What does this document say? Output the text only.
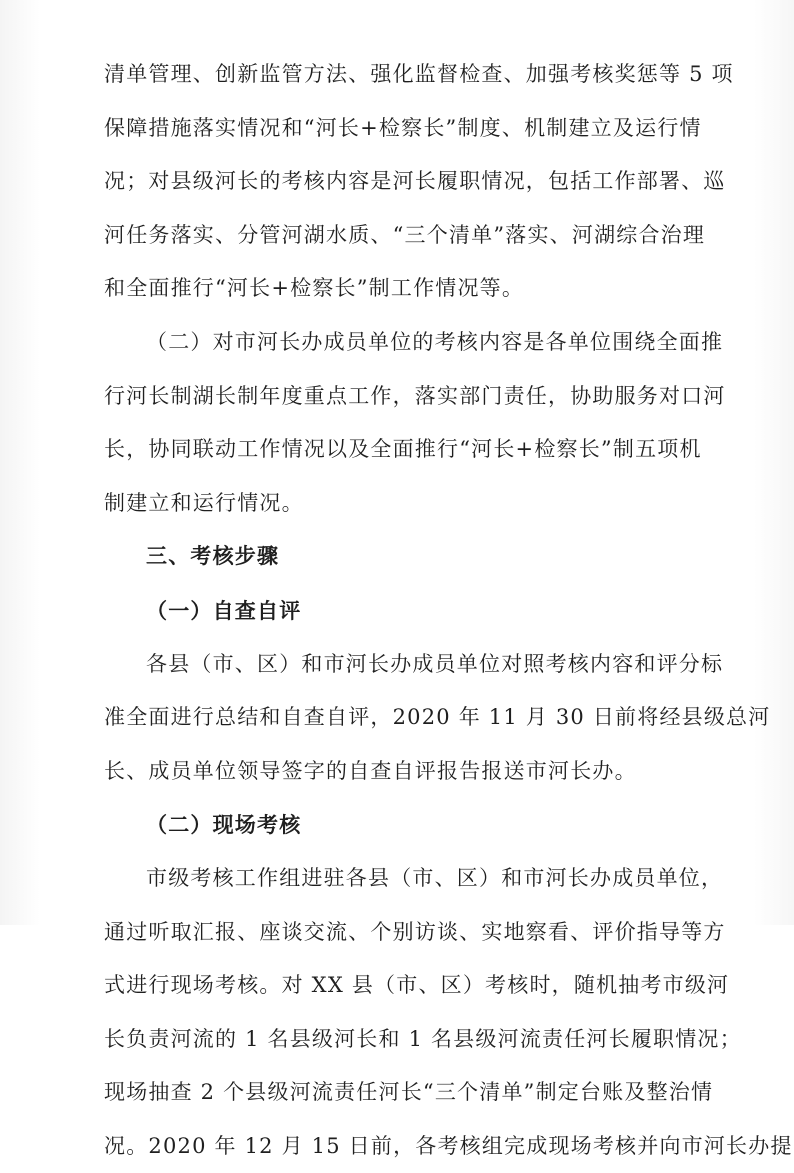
清单管理、创新监管方法、强化监督检查、加强考核奖惩等 5 项
保障措施落实情况和“河长+检察长”制度、机制建立及运行情
况；对县级河长的考核内容是河长履职情况，包括工作部署、巡
河任务落实、分管河湖水质、“三个清单”落实、河湖综合治理
和全面推行“河长+检察长”制工作情况等。
（二）对市河长办成员单位的考核内容是各单位围绕全面推
行河长制湖长制年度重点工作，落实部门责任，协助服务对口河
长，协同联动工作情况以及全面推行“河长+检察长”制五项机
制建立和运行情况。
三、考核步骤
（一）自查自评
各县（市、区）和市河长办成员单位对照考核内容和评分标
准全面进行总结和自查自评，2020 年 11 月 30 日前将经县级总河
长、成员单位领导签字的自查自评报告报送市河长办。
（二）现场考核
市级考核工作组进驻各县（市、区）和市河长办成员单位，
通过听取汇报、座谈交流、个别访谈、实地察看、评价指导等方
式进行现场考核。对 XX 县（市、区）考核时，随机抽考市级河
长负责河流的 1 名县级河长和 1 名县级河流责任河长履职情况；
现场抽查 2 个县级河流责任河长“三个清单”制定台账及整治情
况。2020 年 12 月 15 日前，各考核组完成现场考核并向市河长办提
